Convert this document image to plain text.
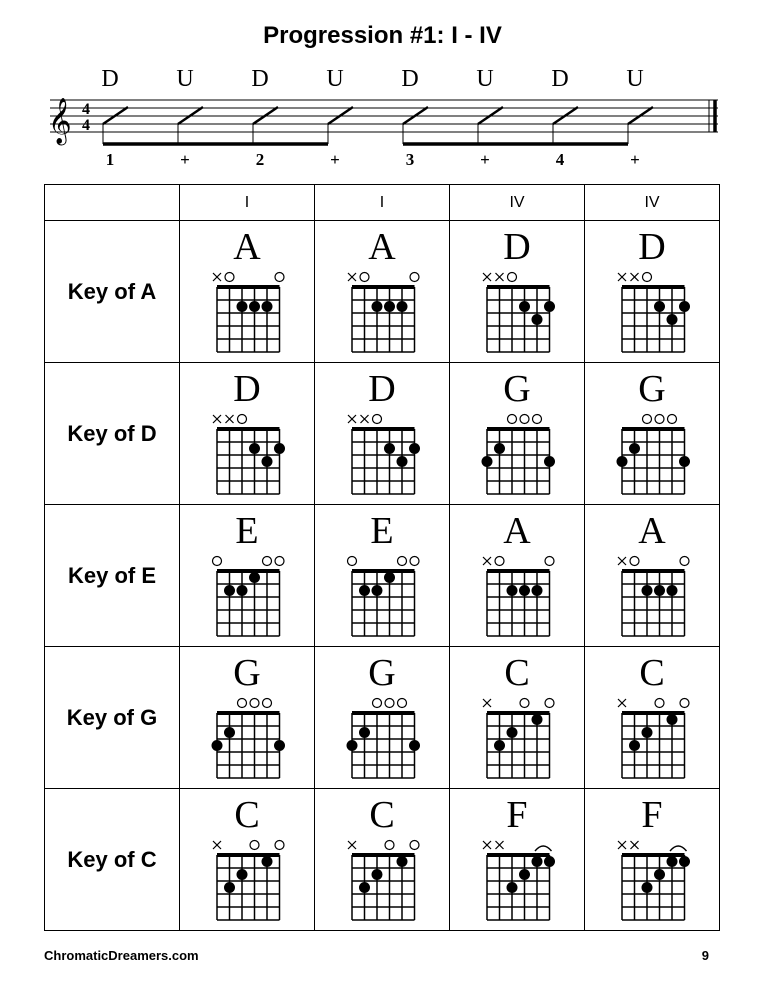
Progression #1: I - IV
𝄞 4
4
D U D U D U D U
1	+	2	+	3	+	4	+
	I	I	IV	IV
Key of A	A	A	D	D

Key of D	D	D	G	G

Key of E	E	E	A	A

Key of G	G	G	C	C

Key of C	C	C	F	F
ChromaticDreamers.com	9
